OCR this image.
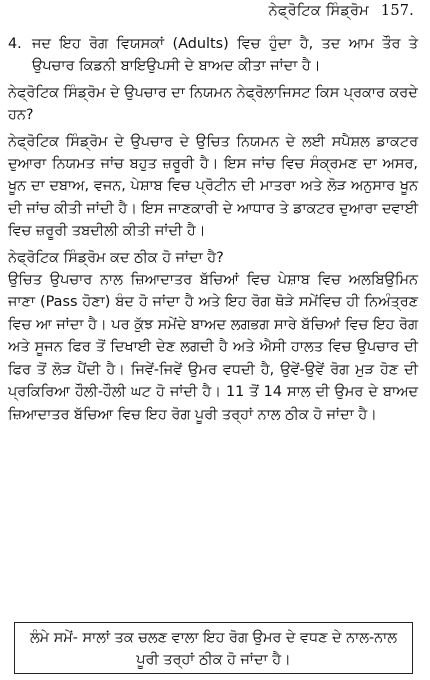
ਨੇਫ੍ਰੋਟਿਕ ਸਿੰਡ੍ਰੋਮ 157.
4. ਜਦ ਇਹ ਰੋਗ ਵਿਯਸਕਾਂ (Adults) ਵਿਚ ਹੁੰਦਾ ਹੈ, ਤਦ ਆਮ ਤੌਰ ਤੇ ਉਪਚਾਰ ਕਿਡਨੀ ਬਾਇਉਪਸੀ ਦੇ ਬਾਅਦ ਕੀਤਾ ਜਾਂਦਾ ਹੈ।

ਨੇਫ੍ਰੋਟਿਕ ਸਿੰਡ੍ਰੋਮ ਦੇ ਉਪਚਾਰ ਦਾ ਨਿਯਮਨ ਨੇਫ੍ਰੋਲਾਜਿਸਟ ਕਿਸ ਪ੍ਰਕਾਰ ਕਰਦੇ ਹਨ?

ਨੇਫ੍ਰੋਟਿਕ ਸਿੰਡ੍ਰੋਮ ਦੇ ਉਪਚਾਰ ਦੇ ਉਚਿਤ ਨਿਯਮਨ ਦੇ ਲਈ ਸਪੈਸ਼ਲ ਡਾਕਟਰ ਦੁਆਰਾ ਨਿਯਮਤ ਜਾਂਚ ਬਹੁਤ ਜ਼ਰੂਰੀ ਹੈ। ਇਸ ਜਾਂਚ ਵਿਚ ਸੰਕ੍ਰਮਣ ਦਾ ਅਸਰ, ਖੂਨ ਦਾ ਦਬਾਅ, ਵਜਨ, ਪੇਸ਼ਾਬ ਵਿਚ ਪ੍ਰੋਟੀਨ ਦੀ ਮਾਤਰਾ ਅਤੇ ਲੋੜ ਅਨੁਸਾਰ ਖੂਨ ਦੀ ਜਾਂਚ ਕੀਤੀ ਜਾਂਦੀ ਹੈ। ਇਸ ਜਾਣਕਾਰੀ ਦੇ ਆਧਾਰ ਤੇ ਡਾਕਟਰ ਦੁਆਰਾ ਦਵਾਈ ਵਿਚ ਜ਼ਰੂਰੀ ਤਬਦੀਲੀ ਕੀਤੀ ਜਾਂਦੀ ਹੈ।

ਨੇਫ੍ਰੋਟਿਕ ਸਿੰਡ੍ਰੋਮ ਕਦ ਠੀਕ ਹੋ ਜਾਂਦਾ ਹੈ?

ਉਚਿਤ ਉਪਚਾਰ ਨਾਲ ਜ਼ਿਆਦਾਤਰ ਬੱਚਿਆਂ ਵਿਚ ਪੇਸ਼ਾਬ ਵਿਚ ਅਲਬਿਉਮਿਨ ਜਾਣਾ (Pass ਹੋਣਾ) ਬੰਦ ਹੋ ਜਾਂਦਾ ਹੈ ਅਤੇ ਇਹ ਰੋਗ ਥੋੜੇ ਸਮੇਂਵਿਚ ਹੀ ਨਿਅੰਤ੍ਰਣ ਵਿਚ ਆ ਜਾਂਦਾ ਹੈ। ਪਰ ਕੁੱਝ ਸਮੇਂਦੇ ਬਾਅਦ ਲਗਭਗ ਸਾਰੇ ਬੱਚਿਆਂ ਵਿਚ ਇਹ ਰੋਗ ਅਤੇ ਸੂਜਨ ਫਿਰ ਤੋਂ ਦਿਖਾਈ ਦੇਣ ਲਗਦੀ ਹੈ ਅਤੇ ਐਸੀ ਹਾਲਤ ਵਿਚ ਉਪਚਾਰ ਦੀ ਫਿਰ ਤੋਂ ਲੋੜ ਪੈਂਦੀ ਹੈ। ਜਿਵੇਂ-ਜਿਵੇਂ ਉਮਰ ਵਧਦੀ ਹੈ, ਉਵੇਂ-ਉਵੇਂ ਰੋਗ ਮੁੜ ਹੋਣ ਦੀ ਪ੍ਰਕਿਰਿਆ ਹੌਲੀ-ਹੌਲੀ ਘਟ ਹੋ ਜਾਂਦੀ ਹੈ। 11 ਤੋਂ 14 ਸਾਲ ਦੀ ਉਮਰ ਦੇ ਬਾਅਦ ਜ਼ਿਆਦਾਤਰ ਬੱਚਿਆ ਵਿਚ ਇਹ ਰੋਗ ਪੂਰੀ ਤਰ੍ਹਾਂ ਨਾਲ ਠੀਕ ਹੋ ਜਾਂਦਾ ਹੈ।

ਲੰਮੇ ਸਮੇਂ- ਸਾਲਾਂ ਤਕ ਚਲਣ ਵਾਲਾ ਇਹ ਰੋਗ ਉਮਰ ਦੇ ਵਧਣ ਦੇ ਨਾਲ-ਨਾਲ ਪੂਰੀ ਤਰ੍ਹਾਂ ਠੀਕ ਹੋ ਜਾਂਦਾ ਹੈ।
